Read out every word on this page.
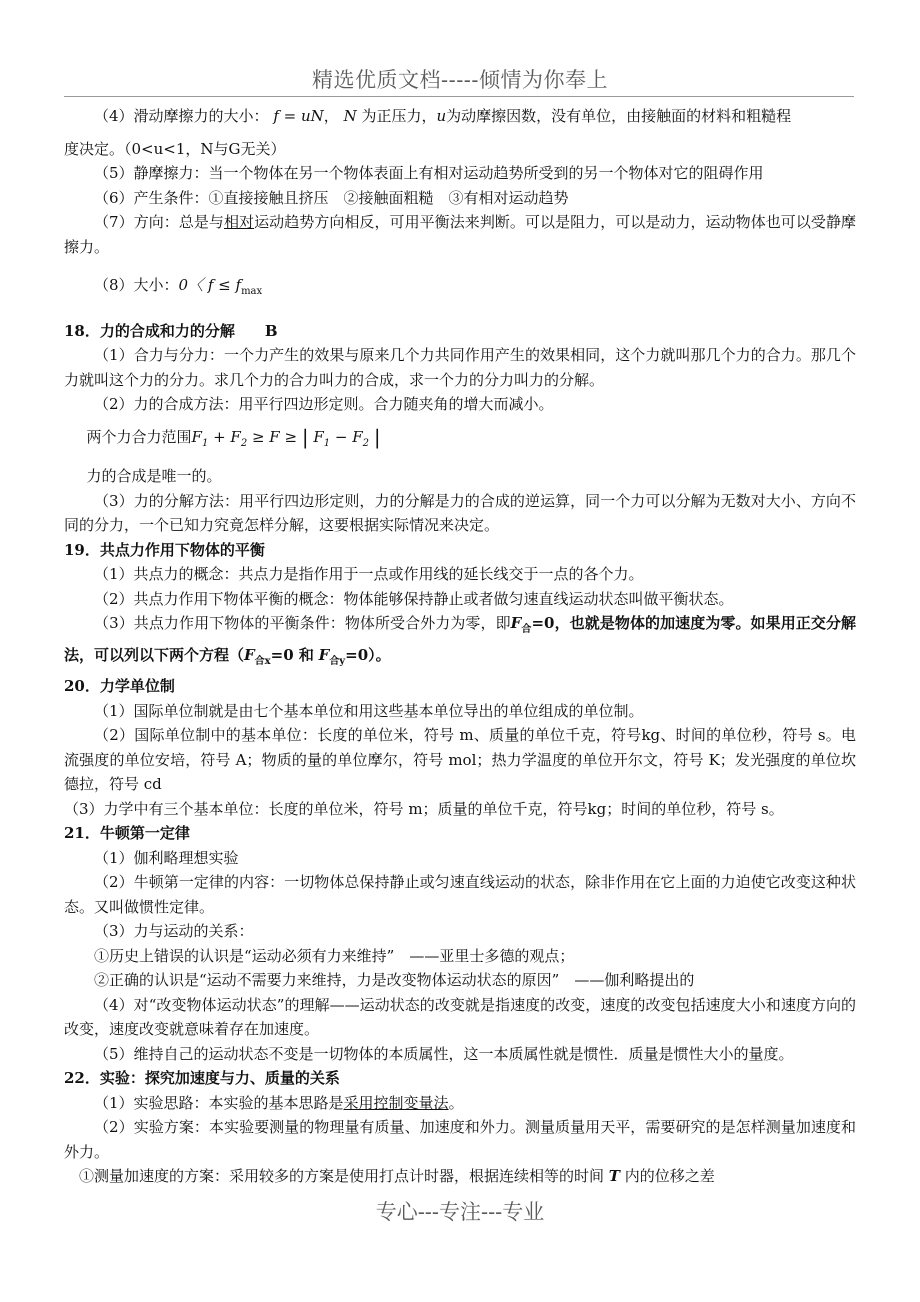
精选优质文档-----倾情为你奉上

（4）滑动摩擦力的大小： f = uN， N 为正压力，u为动摩擦因数，没有单位，由接触面的材料和粗糙程

度决定。（0<u<1，N与G无关）

（5）静摩擦力：当一个物体在另一个物体表面上有相对运动趋势所受到的另一个物体对它的阻碍作用

（6）产生条件：①直接接触且挤压　②接触面粗糙　③有相对运动趋势

（7）方向：总是与相对运动趋势方向相反，可用平衡法来判断。可以是阻力，可以是动力，运动物体也可以受静摩擦力。

（8）大小：0〈 $f \le f_{max}$

18．力的合成和力的分解　　B

（1）合力与分力：一个力产生的效果与原来几个力共同作用产生的效果相同，这个力就叫那几个力的合力。那几个力就叫这个力的分力。求几个力的合力叫力的合成，求一个力的分力叫力的分解。

（2）力的合成方法：用平行四边形定则。合力随夹角的增大而减小。

两个力合力范围$F_1 + F_2 \ge F$ ≥ | $F_1 - F_2$ |

力的合成是唯一的。

（3）力的分解方法：用平行四边形定则，力的分解是力的合成的逆运算，同一个力可以分解为无数对大小、方向不同的分力，一个已知力究竟怎样分解，这要根据实际情况来决定。

19．共点力作用下物体的平衡

（1）共点力的概念：共点力是指作用于一点或作用线的延长线交于一点的各个力。

（2）共点力作用下物体平衡的概念：物体能够保持静止或者做匀速直线运动状态叫做平衡状态。

（3）共点力作用下物体的平衡条件：物体所受合外力为零，即$F_合=0$，也就是物体的加速度为零。如果用正交分解法，可以列以下两个方程（$F_{合x}=0$ 和 $F_{合y}=0$）。

20．力学单位制

（1）国际单位制就是由七个基本单位和用这些基本单位导出的单位组成的单位制。

（2）国际单位制中的基本单位：长度的单位米，符号 m、质量的单位千克，符号kg、时间的单位秒，符号 s。电流强度的单位安培，符号 A；物质的量的单位摩尔，符号 mol；热力学温度的单位开尔文，符号 K；发光强度的单位坎德拉，符号 cd

（3）力学中有三个基本单位：长度的单位米，符号 m；质量的单位千克，符号kg；时间的单位秒，符号 s。

21．牛顿第一定律

（1）伽利略理想实验

（2）牛顿第一定律的内容：一切物体总保持静止或匀速直线运动的状态，除非作用在它上面的力迫使它改变这种状态。又叫做惯性定律。

（3）力与运动的关系：

①历史上错误的认识是“运动必须有力来维持”　——亚里士多德的观点；

②正确的认识是“运动不需要力来维持，力是改变物体运动状态的原因”　——伽利略提出的

（4）对“改变物体运动状态”的理解——运动状态的改变就是指速度的改变，速度的改变包括速度大小和速度方向的改变，速度改变就意味着存在加速度。

（5）维持自己的运动状态不变是一切物体的本质属性，这一本质属性就是惯性．质量是惯性大小的量度。

22．实验：探究加速度与力、质量的关系

（1）实验思路：本实验的基本思路是采用控制变量法。

（2）实验方案：本实验要测量的物理量有质量、加速度和外力。测量质量用天平，需要研究的是怎样测量加速度和外力。

①测量加速度的方案：采用较多的方案是使用打点计时器，根据连续相等的时间 T 内的位移之差

专心---专注---专业
